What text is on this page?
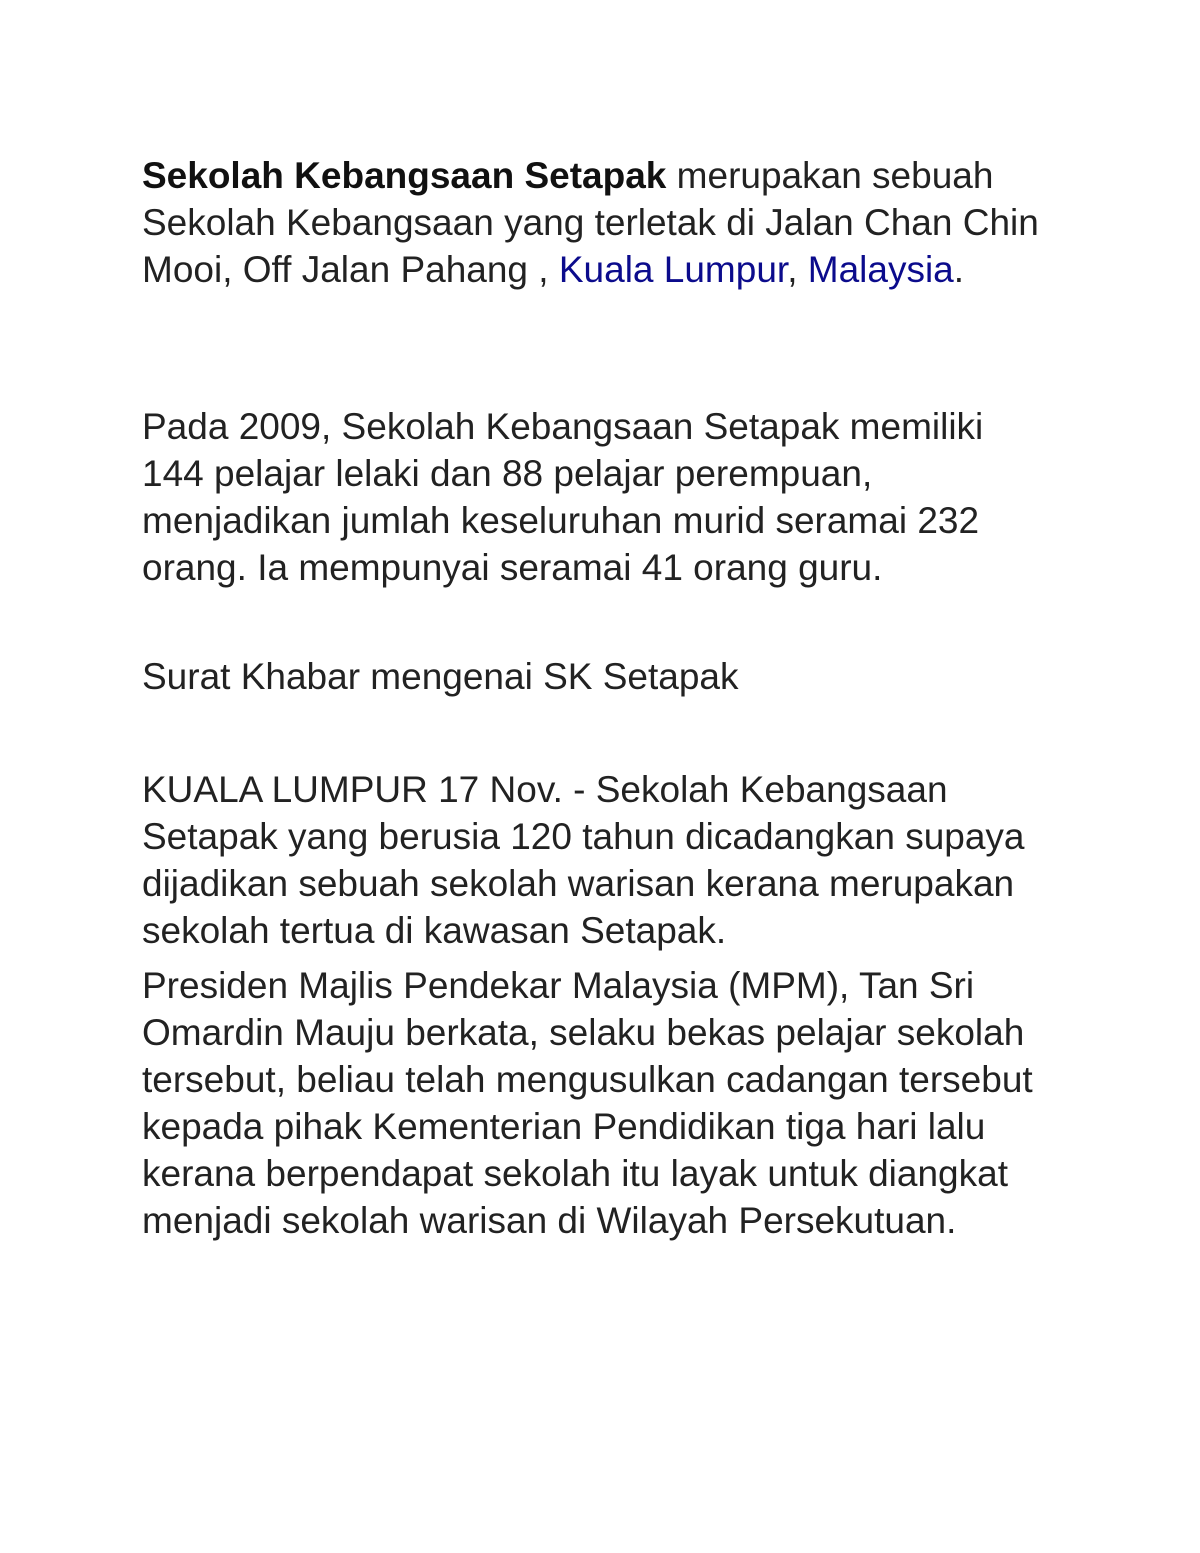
Sekolah Kebangsaan Setapak merupakan sebuah Sekolah Kebangsaan yang terletak di Jalan Chan Chin Mooi, Off Jalan Pahang , Kuala Lumpur, Malaysia.

Pada 2009, Sekolah Kebangsaan Setapak memiliki 144 pelajar lelaki dan 88 pelajar perempuan, menjadikan jumlah keseluruhan murid seramai 232 orang. Ia mempunyai seramai 41 orang guru.

Surat Khabar mengenai SK Setapak

KUALA LUMPUR 17 Nov. - Sekolah Kebangsaan Setapak yang berusia 120 tahun dicadangkan supaya dijadikan sebuah sekolah warisan kerana merupakan sekolah tertua di kawasan Setapak.

Presiden Majlis Pendekar Malaysia (MPM), Tan Sri Omardin Mauju berkata, selaku bekas pelajar sekolah tersebut, beliau telah mengusulkan cadangan tersebut kepada pihak Kementerian Pendidikan tiga hari lalu kerana berpendapat sekolah itu layak untuk diangkat menjadi sekolah warisan di Wilayah Persekutuan.
